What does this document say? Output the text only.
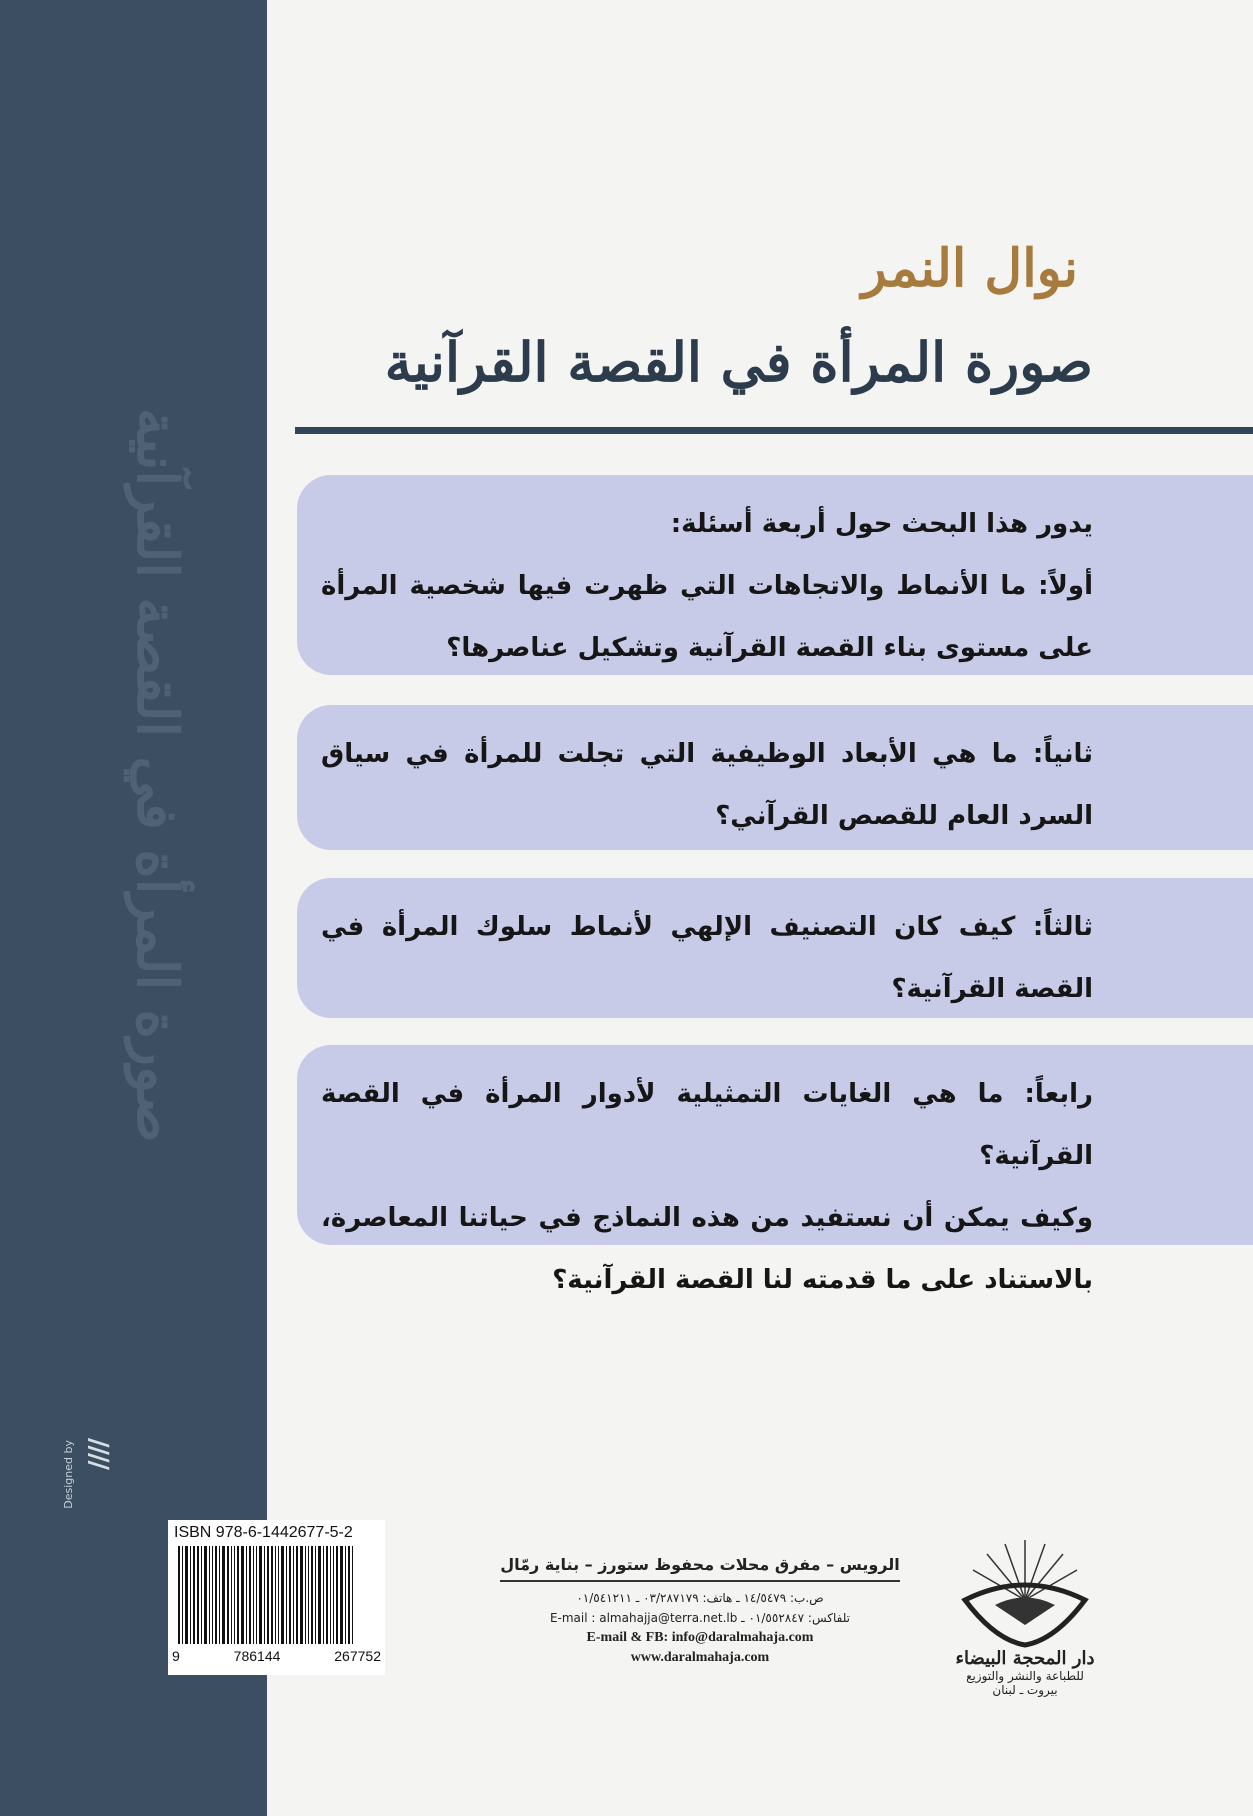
صورة المرأة في القصة القرآنية
Designed by ////
نوال النمر
صورة المرأة في القصة القرآنية

يدور هذا البحث حول أربعة أسئلة:

أولاً: ما الأنماط والاتجاهات التي ظهرت فيها شخصية المرأة على مستوى بناء القصة القرآنية وتشكيل عناصرها؟

ثانياً: ما هي الأبعاد الوظيفية التي تجلت للمرأة في سياق السرد العام للقصص القرآني؟

ثالثاً: كيف كان التصنيف الإلهي لأنماط سلوك المرأة في القصة القرآنية؟

رابعاً: ما هي الغايات التمثيلية لأدوار المرأة في القصة القرآنية؟

وكيف يمكن أن نستفيد من هذه النماذج في حياتنا المعاصرة، بالاستناد على ما قدمته لنا القصة القرآنية؟

ISBN 978-6-1442677-5-2
9	786144	267752

الرويس – مفرق محلات محفوظ ستورز – بناية رمّال

ص.ب: ١٤/٥٤٧٩ ـ هاتف: ٠٣/٢٨٧١٧٩ ـ ٠١/٥٤١٢١١

تلفاكس: ٠١/٥٥٢٨٤٧ ـ E-mail : almahajja@terra.net.lb

E-mail & FB: info@daralmahaja.com

www.daralmahaja.com	دار المحجة البيضاء
للطباعة والنشر والتوزيع
بيروت ـ لبنان
